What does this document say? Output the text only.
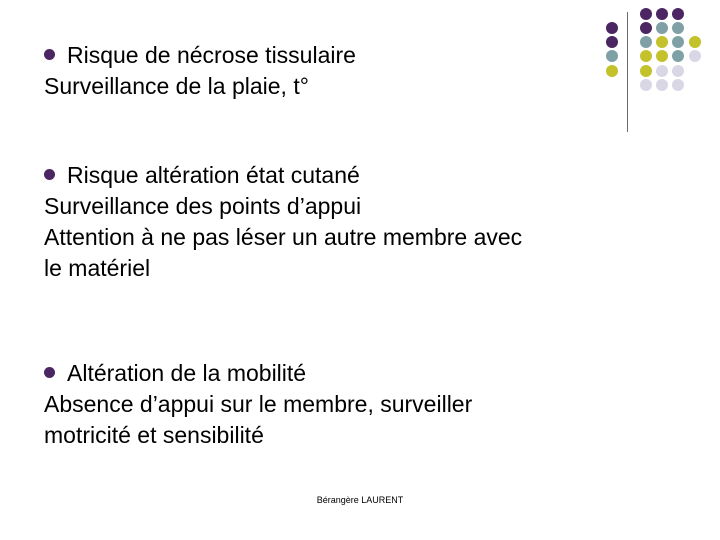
Risque de nécrose tissulaire
Surveillance de la plaie, t°
Risque altération état cutané
Surveillance des points d’appui
Attention à ne pas léser un autre membre avec
le matériel
Altération de la mobilité
Absence d’appui sur le membre, surveiller
motricité et sensibilité
Bérangère LAURENT
